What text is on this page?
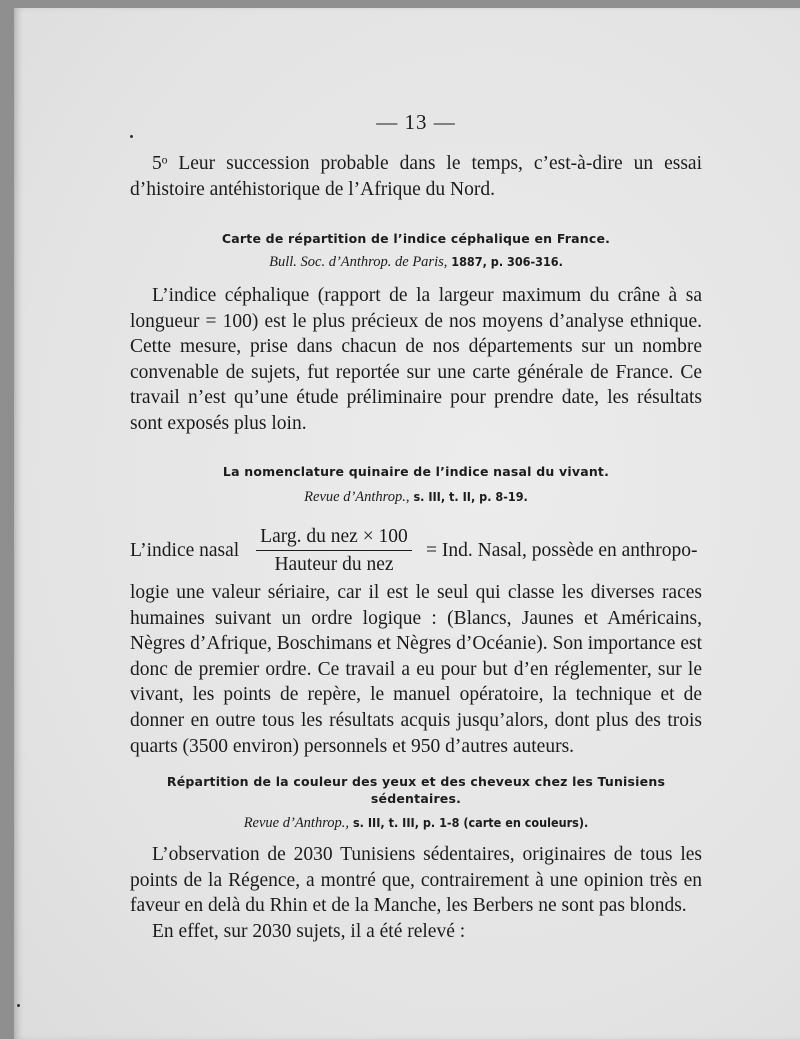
— 13 —

5ᵒ Leur succession probable dans le temps, c’est-à-dire un essai d’histoire antéhistorique de l’Afrique du Nord.

Carte de répartition de l’indice céphalique en France.

Bull. Soc. d’Anthrop. de Paris, 1887, p. 306-316.

L’indice céphalique (rapport de la largeur maximum du crâne à sa longueur = 100) est le plus précieux de nos moyens d’analyse ethnique. Cette mesure, prise dans chacun de nos départements sur un nombre convenable de sujets, fut reportée sur une carte générale de France. Ce travail n’est qu’une étude préliminaire pour prendre date, les résultats sont exposés plus loin.

La nomenclature quinaire de l’indice nasal du vivant.

Revue d’Anthrop., s. III, t. II, p. 8-19.

L’indice nasal
Larg. du nez × 100
Hauteur du nez
= Ind. Nasal, possède en anthropo-

logie une valeur sériaire, car il est le seul qui classe les diverses races humaines suivant un ordre logique : (Blancs, Jaunes et Américains, Nègres d’Afrique, Boschimans et Nègres d’Océanie). Son importance est donc de premier ordre. Ce travail a eu pour but d’en réglementer, sur le vivant, les points de repère, le manuel opératoire, la technique et de donner en outre tous les résultats acquis jusqu’alors, dont plus des trois quarts (3500 environ) personnels et 950 d’autres auteurs.

Répartition de la couleur des yeux et des cheveux chez les Tunisiens

sédentaires.

Revue d’Anthrop., s. III, t. III, p. 1-8 (carte en couleurs).

L’observation de 2030 Tunisiens sédentaires, originaires de tous les points de la Régence, a montré que, contrairement à une opinion très en faveur en delà du Rhin et de la Manche, les Berbers ne sont pas blonds.

En effet, sur 2030 sujets, il a été relevé :
